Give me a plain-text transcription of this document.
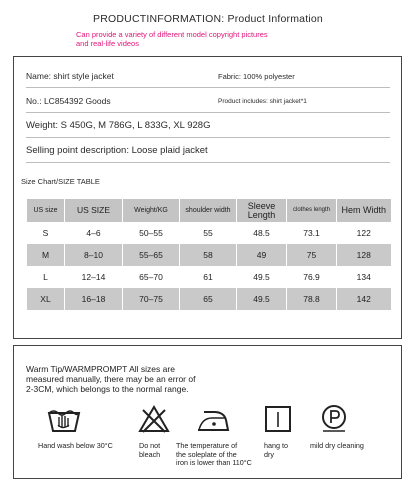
PRODUCTINFORMATION: Product Information
Can provide a variety of different model copyright pictures
and real-life videos
Name: shirt style jacket	Fabric: 100% polyester
No.: LC854392 Goods	Product includes: shirt jacket*1
Weight: S 450G, M 786G, L 833G, XL 928G
Selling point description: Loose plaid jacket
Size Chart/SIZE TABLE
US size	US SIZE	Weight/KG	shoulder width	Sleeve Length	clothes length	Hem Width
S	4–6	50–55	55	48.5	73.1	122
M	8–10	55–65	58	49	75	128
L	12–14	65–70	61	49.5	76.9	134
XL	16–18	70–75	65	49.5	78.8	142
Warm Tip/WARMPROMPT All sizes are
measured manually, there may be an error of
2-3CM, which belongs to the normal range.
Hand wash below 30°C	Do not
bleach
The temperature of
the soleplate of the
iron is lower than 110°C
hang to
dry
mild dry cleaning
